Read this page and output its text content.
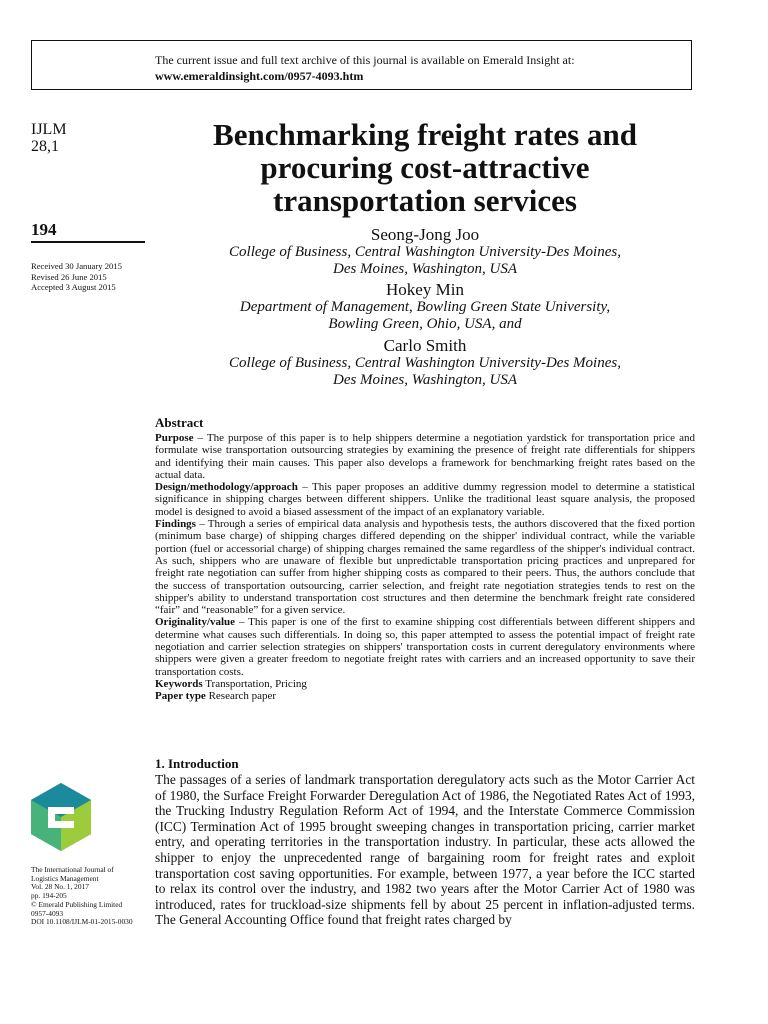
The current issue and full text archive of this journal is available on Emerald Insight at:
www.emeraldinsight.com/0957-4093.htm
IJLM
28,1
194
Received 30 January 2015
Revised 26 June 2015
Accepted 3 August 2015
Benchmarking freight rates and
procuring cost-attractive
transportation services
Seong-Jong Joo
College of Business, Central Washington University-Des Moines,
Des Moines, Washington, USA
Hokey Min
Department of Management, Bowling Green State University,
Bowling Green, Ohio, USA, and
Carlo Smith
College of Business, Central Washington University-Des Moines,
Des Moines, Washington, USA
Abstract

Purpose – The purpose of this paper is to help shippers determine a negotiation yardstick for transportation price and formulate wise transportation outsourcing strategies by examining the presence of freight rate differentials for shippers and identifying their main causes. This paper also develops a framework for benchmarking freight rates based on the actual data.

Design/methodology/approach – This paper proposes an additive dummy regression model to determine a statistical significance in shipping charges between different shippers. Unlike the traditional least square analysis, the proposed model is designed to avoid a biased assessment of the impact of an explanatory variable.

Findings – Through a series of empirical data analysis and hypothesis tests, the authors discovered that the fixed portion (minimum base charge) of shipping charges differed depending on the shipper' individual contract, while the variable portion (fuel or accessorial charge) of shipping charges remained the same regardless of the shipper's individual contract. As such, shippers who are unaware of flexible but unpredictable transportation pricing practices and unprepared for freight rate negotiation can suffer from higher shipping costs as compared to their peers. Thus, the authors conclude that the success of transportation outsourcing, carrier selection, and freight rate negotiation strategies tends to rest on the shipper's ability to understand transportation cost structures and then determine the benchmark freight rate considered “fair” and “reasonable” for a given service.

Originality/value – This paper is one of the first to examine shipping cost differentials between different shippers and determine what causes such differentials. In doing so, this paper attempted to assess the potential impact of freight rate negotiation and carrier selection strategies on shippers' transportation costs in current deregulatory environments where shippers were given a greater freedom to negotiate freight rates with carriers and an increased opportunity to save their transportation costs.

Keywords Transportation, Pricing

Paper type Research paper

1. Introduction

The passages of a series of landmark transportation deregulatory acts such as the Motor Carrier Act of 1980, the Surface Freight Forwarder Deregulation Act of 1986, the Negotiated Rates Act of 1993, the Trucking Industry Regulation Reform Act of 1994, and the Interstate Commerce Commission (ICC) Termination Act of 1995 brought sweeping changes in transportation pricing, carrier market entry, and operating territories in the transportation industry. In particular, these acts allowed the shipper to enjoy the unprecedented range of bargaining room for freight rates and exploit transportation cost saving opportunities. For example, between 1977, a year before the ICC started to relax its control over the industry, and 1982 two years after the Motor Carrier Act of 1980 was introduced, rates for truckload-size shipments fell by about 25 percent in inflation-adjusted terms. The General Accounting Office found that freight rates charged by

The International Journal of
Logistics Management
Vol. 28 No. 1, 2017
pp. 194-205
© Emerald Publishing Limited
0957-4093
DOI 10.1108/IJLM-01-2015-0030
